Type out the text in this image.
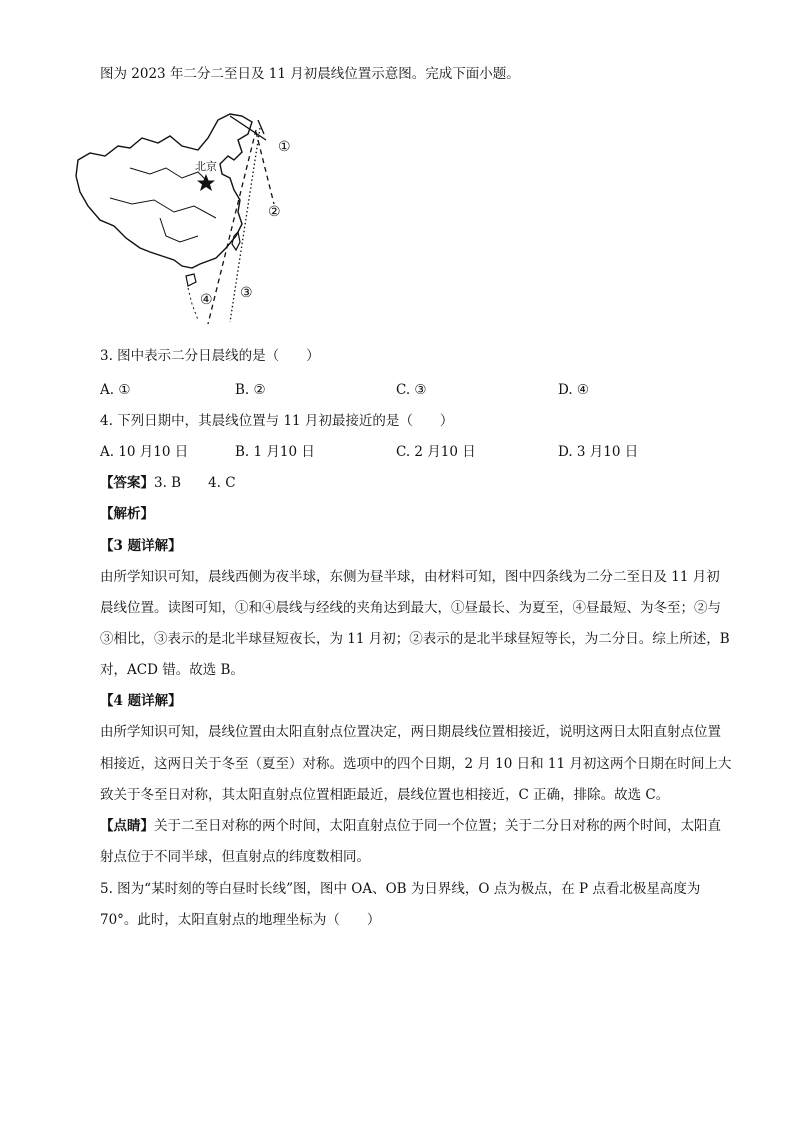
图为 2023 年二分二至日及 11 月初晨线位置示意图。完成下面小题。
北京
①
②
③
④
3. 图中表示二分日晨线的是（　　）
A. ①	B. ②	C. ③	D. ④
4. 下列日期中，其晨线位置与 11 月初最接近的是（　　）
A. 10 月10 日	B. 1 月10 日	C. 2 月10 日	D. 3 月10 日
【答案】3. B　　4. C
【解析】
【3 题详解】
由所学知识可知，晨线西侧为夜半球，东侧为昼半球，由材料可知，图中四条线为二分二至日及 11 月初
晨线位置。读图可知，①和④晨线与经线的夹角达到最大，①昼最长、为夏至，④昼最短、为冬至；②与
③相比，③表示的是北半球昼短夜长，为 11 月初；②表示的是北半球昼短等长，为二分日。综上所述，B
对，ACD 错。故选 B。
【4 题详解】
由所学知识可知，晨线位置由太阳直射点位置决定，两日期晨线位置相接近，说明这两日太阳直射点位置
相接近，这两日关于冬至（夏至）对称。选项中的四个日期，2 月 10 日和 11 月初这两个日期在时间上大
致关于冬至日对称，其太阳直射点位置相距最近，晨线位置也相接近，C 正确，排除。故选 C。
【点睛】关于二至日对称的两个时间，太阳直射点位于同一个位置；关于二分日对称的两个时间，太阳直
射点位于不同半球，但直射点的纬度数相同。
5. 图为“某时刻的等白昼时长线”图，图中 OA、OB 为日界线，O 点为极点，在 P 点看北极星高度为
70°。此时，太阳直射点的地理坐标为（　　）
